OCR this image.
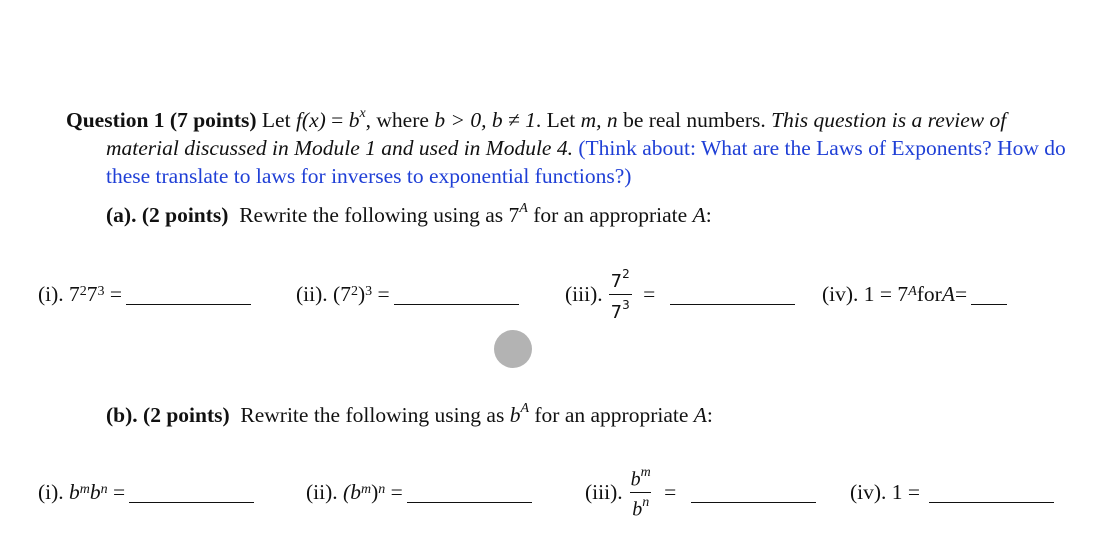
Question 1 (7 points) Let $f(x) = b^x$, where b > 0, b ≠ 1. Let m, n be real numbers. This question is a review of material discussed in Module 1 and used in Module 4. (Think about: What are the Laws of Exponents? How do these translate to laws for inverses to exponential functions?)
(a). (2 points) Rewrite the following using as $7^A$ for an appropriate A:
(i).
$7^2$ $7^3$
=	(ii).
($7^2$ )$^3$
=	(iii). $\frac{7^2}{7^3}$
=
	(iv).
$1 = 7^A$ for A =
(b). (2 points) Rewrite the following using as $b^A$ for an appropriate A:
(i).
$b^m$ $b^n$
=	(ii).
($b^m$ )$^n$
=	(iii). $\frac{b^m}{b^n}$
=
	(iv).
1 =
